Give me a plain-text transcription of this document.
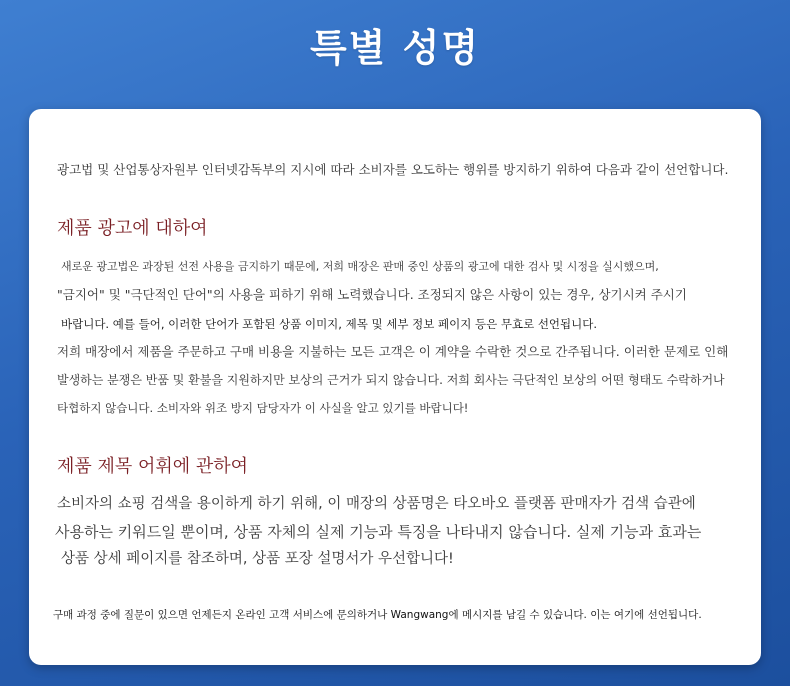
특별 성명
광고법 및 산업통상자원부 인터넷감독부의 지시에 따라 소비자를 오도하는 행위를 방지하기 위하여 다음과 같이 선언합니다.
제품 광고에 대하여
새로운 광고법은 과장된 선전 사용을 금지하기 때문에, 저희 매장은 판매 중인 상품의 광고에 대한 검사 및 시정을 실시했으며,
"금지어" 및 "극단적인 단어"의 사용을 피하기 위해 노력했습니다. 조정되지 않은 사항이 있는 경우, 상기시켜 주시기
바랍니다. 예를 들어, 이러한 단어가 포함된 상품 이미지, 제목 및 세부 정보 페이지 등은 무효로 선언됩니다.
저희 매장에서 제품을 주문하고 구매 비용을 지불하는 모든 고객은 이 계약을 수락한 것으로 간주됩니다. 이러한 문제로 인해
발생하는 분쟁은 반품 및 환불을 지원하지만 보상의 근거가 되지 않습니다. 저희 회사는 극단적인 보상의 어떤 형태도 수락하거나
타협하지 않습니다. 소비자와 위조 방지 담당자가 이 사실을 알고 있기를 바랍니다!
제품 제목 어휘에 관하여
소비자의 쇼핑 검색을 용이하게 하기 위해, 이 매장의 상품명은 타오바오 플랫폼 판매자가 검색 습관에
사용하는 키워드일 뿐이며, 상품 자체의 실제 기능과 특징을 나타내지 않습니다. 실제 기능과 효과는
상품 상세 페이지를 참조하며, 상품 포장 설명서가 우선합니다!
구매 과정 중에 질문이 있으면 언제든지 온라인 고객 서비스에 문의하거나 Wangwang에 메시지를 남길 수 있습니다. 이는 여기에 선언됩니다.
